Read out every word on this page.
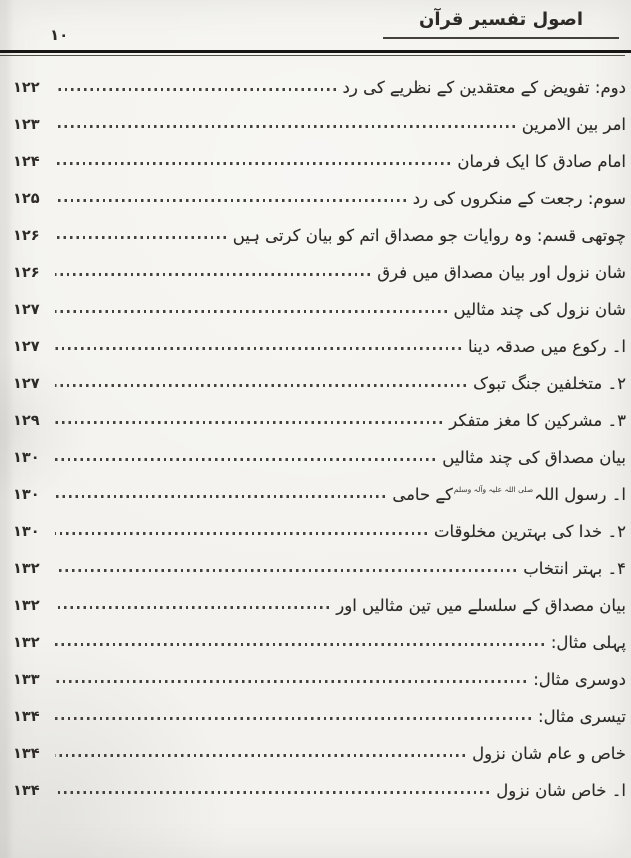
۱۰
اصول تفسیر قرآن
دوم: تفویض کے معتقدین کے نظریے کی رد
۱۲۲
امر بین الامرین
۱۲۳
امام صادق کا ایک فرمان
۱۲۴
سوم: رجعت کے منکروں کی رد
۱۲۵
چوتھی قسم: وہ روایات جو مصداق اتم کو بیان کرتی ہیں
۱۲۶
شان نزول اور بیان مصداق میں فرق
۱۲۶
شان نزول کی چند مثالیں
۱۲۷
ا۔ رکوع میں صدقہ دینا
۱۲۷
۲۔ متخلفین جنگ تبوک
۱۲۷
۳۔ مشرکین کا مغز متفکر
۱۲۹
بیان مصداق کی چند مثالیں
۱۳۰
ا۔ رسول اللہ
صلی اللہ علیہ وآلہ وسلم
کے حامی
۱۳۰
۲۔ خدا کی بہترین مخلوقات
۱۳۰
۴۔ بہتر انتخاب
۱۳۲
بیان مصداق کے سلسلے میں تین مثالیں اور
۱۳۲
پہلی مثال:
۱۳۲
دوسری مثال:
۱۳۳
تیسری مثال:
۱۳۴
خاص و عام شان نزول
۱۳۴
ا۔ خاص شان نزول
۱۳۴
